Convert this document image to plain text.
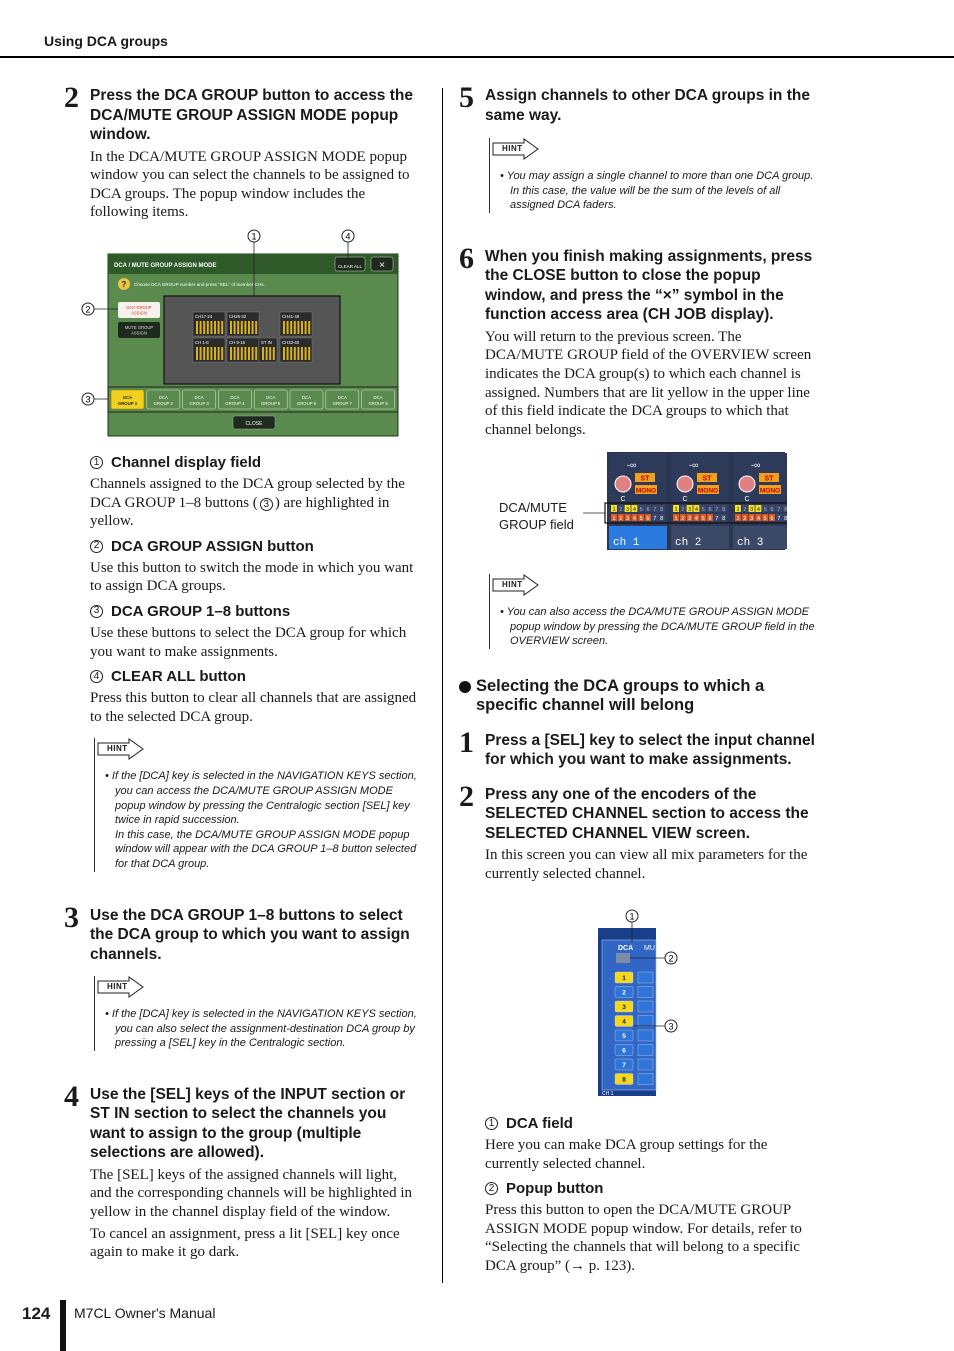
Using DCA groups
2 Press the DCA GROUP button to access the DCA/MUTE GROUP ASSIGN MODE popup window.

In the DCA/MUTE GROUP ASSIGN MODE popup window you can select the channels to be assigned to DCA groups. The popup window includes the following items.

1	4
2
3
DCA / MUTE GROUP ASSIGN MODE	CLEAR ALL ×
? Choose DCA GROUP number and press "SEL" of member CHs.
DCA GROUP
ASSIGN
MUTE GROUP
ASSIGN
CH17-24	CH25-32	CH41-48
CH 1-8	CH 9-16	ST IN CH33-40
DCA
GROUP 1
DCA
GROUP 2
DCA
GROUP 3
DCA
GROUP 4
DCA
GROUP 5
DCA
GROUP 6
DCA
GROUP 7
DCA
GROUP 8
CLOSE
1 Channel display field

Channels assigned to the DCA group selected by the DCA GROUP 1–8 buttons ( 3 ) are highlighted in yellow.

2 DCA GROUP ASSIGN button

Use this button to switch the mode in which you want to assign DCA groups.

3 DCA GROUP 1–8 buttons

Use these buttons to select the DCA group for which you want to make assignments.

4 CLEAR ALL button

Press this button to clear all channels that are assigned to the selected DCA group.

HINT
• If the [DCA] key is selected in the NAVIGATION KEYS section, you can access the DCA/MUTE GROUP ASSIGN MODE popup window by pressing the Centralogic section [SEL] key twice in rapid succession.
In this case, the DCA/MUTE GROUP ASSIGN MODE popup window will appear with the DCA GROUP 1–8 button selected for that DCA group.
3 Use the DCA GROUP 1–8 buttons to select the DCA group to which you want to assign channels.
HINT
• If the [DCA] key is selected in the NAVIGATION KEYS section, you can also select the assignment-destination DCA group by pressing a [SEL] key in the Centralogic section.
4 Use the [SEL] keys of the INPUT section or ST IN section to select the channels you want to assign to the group (multiple selections are allowed).

The [SEL] keys of the assigned channels will light, and the corresponding channels will be highlighted in yellow in the channel display field of the window.

To cancel an assignment, press a lit [SEL] key once again to make it go dark.

5 Assign channels to other DCA groups in the same way.
HINT
• You may assign a single channel to more than one DCA group. In this case, the value will be the sum of the levels of all assigned DCA faders.
6 When you finish making assignments, press the CLOSE button to close the popup window, and press the “×” symbol in the function access area (CH JOB display).

You will return to the previous screen. The DCA/MUTE GROUP field of the OVERVIEW screen indicates the DCA group(s) to which each channel is assigned. Numbers that are lit yellow in the upper line of this field indicate the DCA groups to which that channel belongs.

DCA/MUTE
GROUP field
-∞
C
ST
MONO
1 2 3 4 5 6 7 8
1 2 3 4 5 6 7 8
ch 1
-∞
C
ST
MONO
1 2 3 4 5 6 7 8
1 2 3 4 5 6 7 8
ch 2
-∞
C
ST
MONO
1 2 3 4 5 6 7 8
1 2 3 4 5 6 7 8
ch 3
HINT
• You can also access the DCA/MUTE GROUP ASSIGN MODE popup window by pressing the DCA/MUTE GROUP field in the OVERVIEW screen.
Selecting the DCA groups to which a specific channel will belong
1 Press a [SEL] key to select the input channel for which you want to make assignments.
2 Press any one of the encoders of the SELECTED CHANNEL section to access the SELECTED CHANNEL VIEW screen.

In this screen you can view all mix parameters for the currently selected channel.

DCA MU
1
2
3
4
5
6
7
8
CH 1
1
2
3
1 DCA field

Here you can make DCA group settings for the currently selected channel.

2 Popup button

Press this button to open the DCA/MUTE GROUP ASSIGN MODE popup window. For details, refer to “Selecting the channels that will belong to a specific DCA group” (→ p. 123).

124 M7CL Owner's Manual
